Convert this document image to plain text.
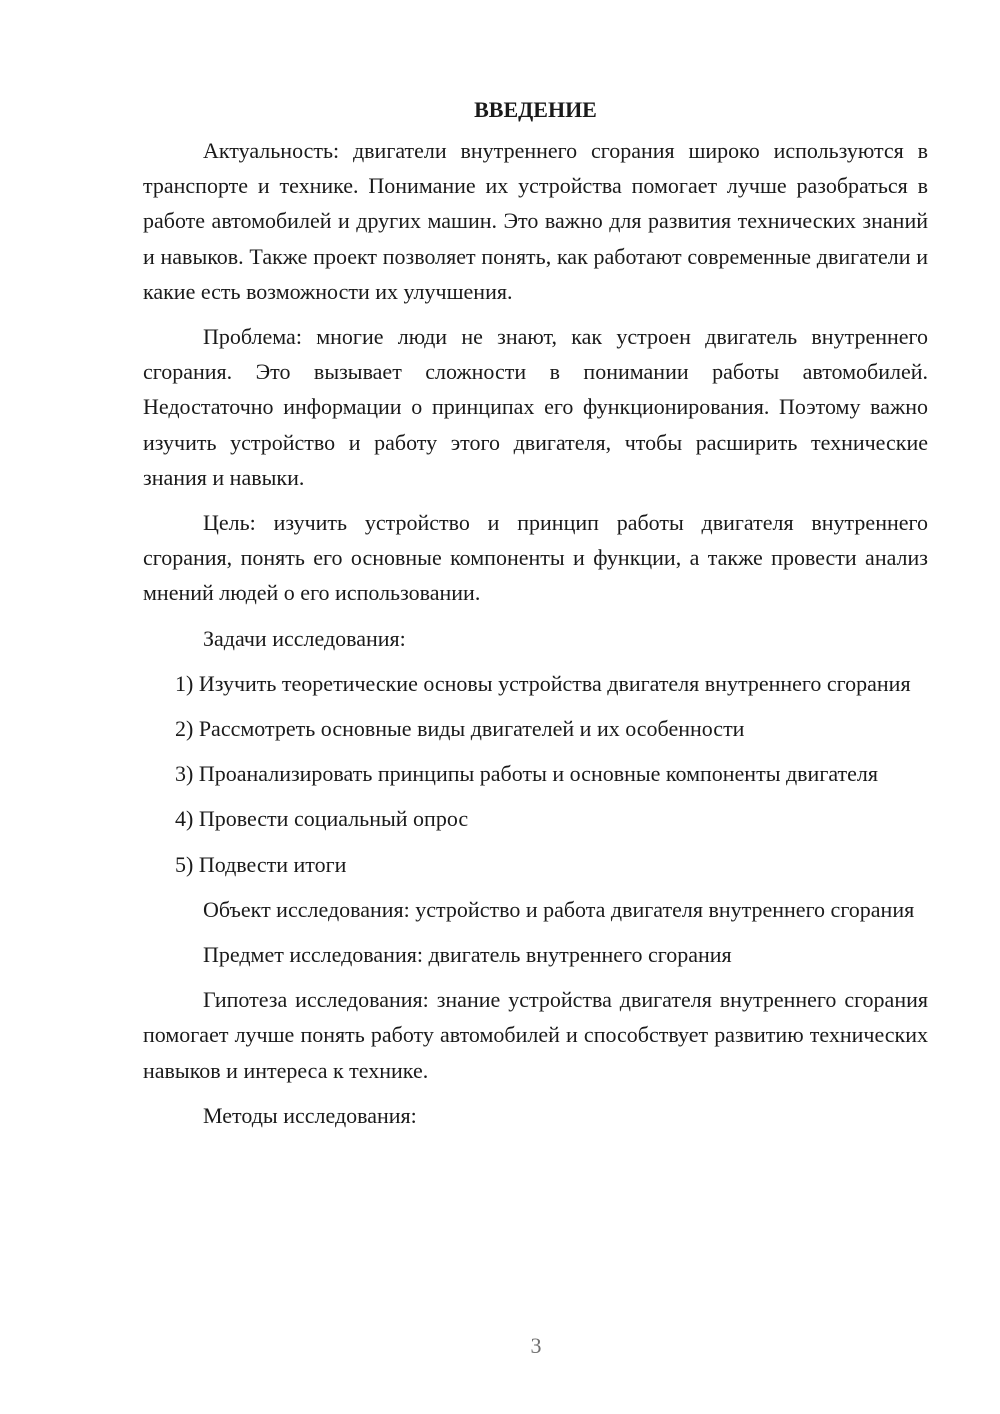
ВВЕДЕНИЕ

Актуальность: двигатели внутреннего сгорания широко используются в транспорте и технике. Понимание их устройства помогает лучше разобраться в работе автомобилей и других машин. Это важно для развития технических знаний и навыков. Также проект позволяет понять, как работают современные двигатели и какие есть возможности их улучшения.

Проблема: многие люди не знают, как устроен двигатель внутреннего сгорания. Это вызывает сложности в понимании работы автомобилей. Недостаточно информации о принципах его функционирования. Поэтому важно изучить устройство и работу этого двигателя, чтобы расширить технические знания и навыки.

Цель: изучить устройство и принцип работы двигателя внутреннего сгорания, понять его основные компоненты и функции, а также провести анализ мнений людей о его использовании.

Задачи исследования:

1) Изучить теоретические основы устройства двигателя внутреннего сгорания

2) Рассмотреть основные виды двигателей и их особенности

3) Проанализировать принципы работы и основные компоненты двигателя

4) Провести социальный опрос

5) Подвести итоги

Объект исследования: устройство и работа двигателя внутреннего сгорания

Предмет исследования: двигатель внутреннего сгорания

Гипотеза исследования: знание устройства двигателя внутреннего сгорания помогает лучше понять работу автомобилей и способствует развитию технических навыков и интереса к технике.

Методы исследования:

3
